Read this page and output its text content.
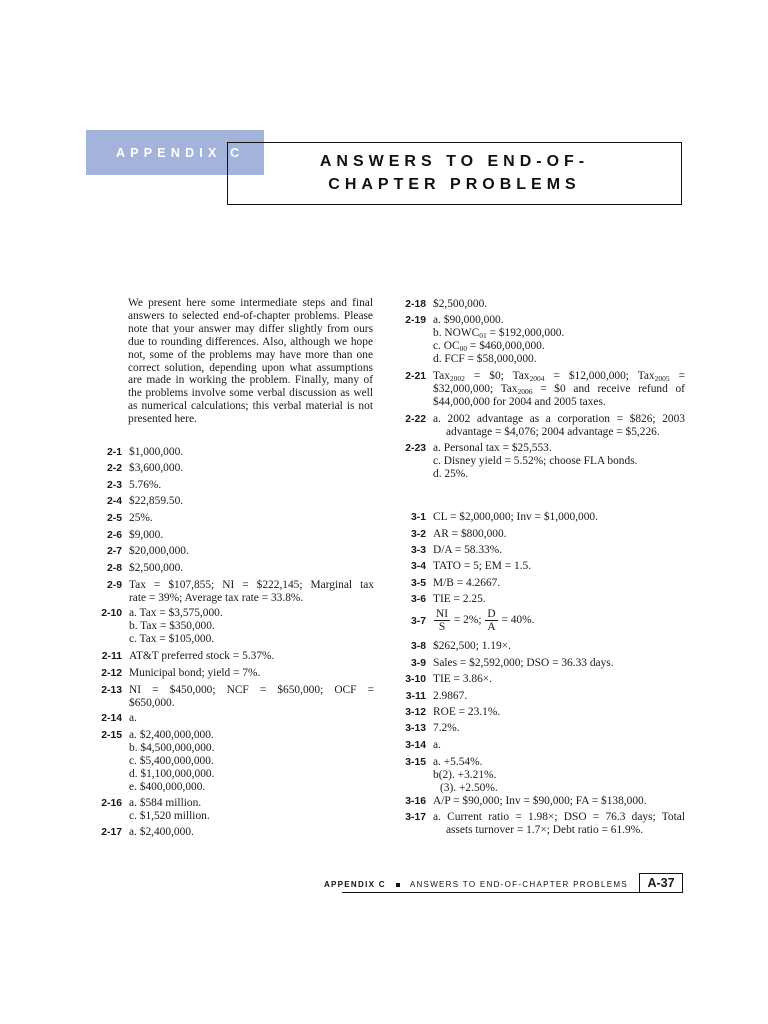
APPENDIX C	ANSWERS TO END-OF-
CHAPTER PROBLEMS
We present here some intermediate steps and final answers to selected end-of-chapter problems. Please note that your answer may differ slightly from ours due to rounding differences. Also, although we hope not, some of the problems may have more than one correct solution, depending upon what assumptions are made in working the problem. Finally, many of the problems involve some verbal discussion as well as numerical calculations; this verbal material is not presented here.
2-1 $1,000,000.
2-2 $3,600,000.
2-3 5.76%.
2-4 $22,859.50.
2-5 25%.
2-6 $9,000.
2-7 $20,000,000.
2-8 $2,500,000.
2-9 Tax = $107,855; NI = $222,145; Marginal tax
rate = 39%; Average tax rate = 33.8%.
2-10 a. Tax = $3,575,000.
b. Tax = $350,000.
c. Tax = $105,000.
2-11 AT&T preferred stock = 5.37%.
2-12 Municipal bond; yield = 7%.
2-13 NI = $450,000; NCF = $650,000; OCF =
$650,000.
2-14 a.
2-15 a. $2,400,000,000.
b. $4,500,000,000.
c. $5,400,000,000.
d. $1,100,000,000.
e. $400,000,000.
2-16 a. $584 million.
c. $1,520 million.
2-17 a. $2,400,000.
2-18 $2,500,000.
2-19 a. $90,000,000.
b. $NOWC_{01}$ = $192,000,000.
c. $OC_{00}$ = $460,000,000.
d. FCF = $58,000,000.
2-21 Tax$_{2002}$ = $0; Tax$_{2004}$ = $12,000,000; Tax$_{2005}$ =
$32,000,000; Tax$_{2006}$ = $0 and receive refund of
$44,000,000 for 2004 and 2005 taxes.
2-22 a. 2002 advantage as a corporation = $826; 2003
advantage = $4,076; 2004 advantage = $5,226.
2-23 a. Personal tax = $25,553.
c. Disney yield = 5.52%; choose FLA bonds.
d. 25%.
3-1 CL = $2,000,000; Inv = $1,000,000.
3-2 AR = $800,000.
3-3 D/A = 58.33%.
3-4 TATO = 5; EM = 1.5.
3-5 M/B = 4.2667.
3-6 TIE = 2.25.
$3-7 \frac{NI}{S} = 2\%$; $\frac{D}{A} = 40\%$.
3-8 $262,500; 1.19×.
3-9 Sales = $2,592,000; DSO = 36.33 days.
3-10 TIE = 3.86×.
3-11 2.9867.
3-12 ROE = 23.1%.
3-13 7.2%.
3-14 a.
3-15 a. +5.54%.
b(2). +3.21%.
(3). +2.50%.
3-16 A/P = $90,000; Inv = $90,000; FA = $138,000.
3-17 a. Current ratio = 1.98×; DSO = 76.3 days; Total
assets turnover = 1.7×; Debt ratio = 61.9%.
APPENDIX C	ANSWERS TO END-OF-CHAPTER PROBLEMS	A-37
